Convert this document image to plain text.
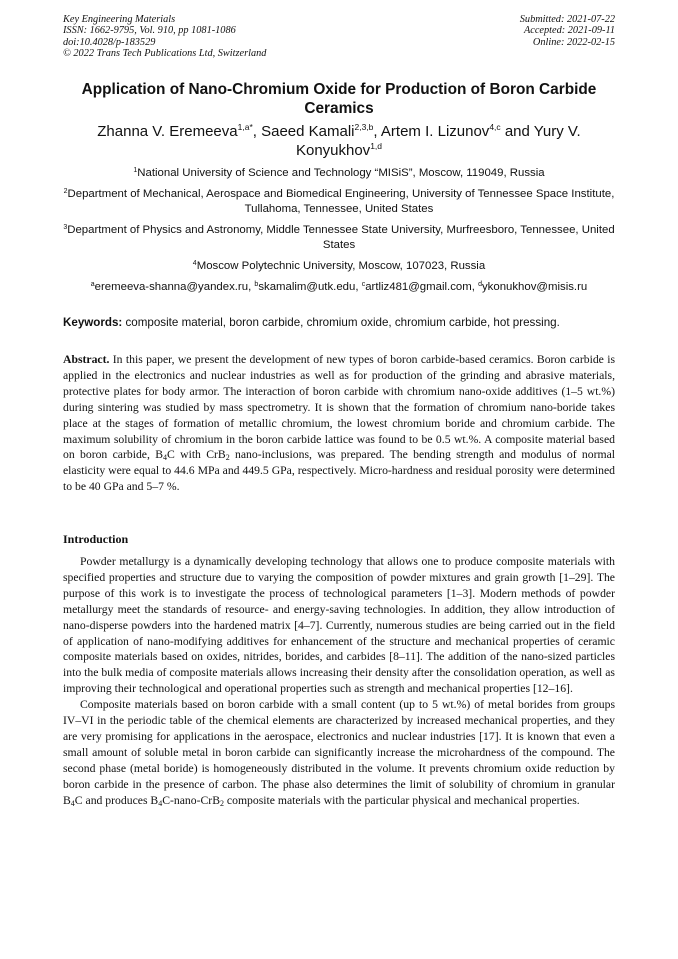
Key Engineering Materials
ISSN: 1662-9795, Vol. 910, pp 1081-1086
doi:10.4028/p-183529
© 2022 Trans Tech Publications Ltd, Switzerland
Submitted: 2021-07-22
Accepted: 2021-09-11
Online: 2022-02-15
Application of Nano-Chromium Oxide for Production of Boron Carbide Ceramics
Zhanna V. Eremeeva$^{1,a*}$, Saeed Kamali$^{2,3,b}$, Artem I. Lizunov$^{4,c}$ and Yury V. Konyukhov$^{1,d}$
$^1$National University of Science and Technology “MISiS”, Moscow, 119049, Russia
$^2$Department of Mechanical, Aerospace and Biomedical Engineering, University of Tennessee Space Institute, Tullahoma, Tennessee, United States
$^3$Department of Physics and Astronomy, Middle Tennessee State University, Murfreesboro, Tennessee, United States
$^4$Moscow Polytechnic University, Moscow, 107023, Russia
$^a$eremeeva-shanna@yandex.ru, $^b$skamalim@utk.edu, $^c$artliz481@gmail.com, $^d$ykonukhov@misis.ru
Keywords: composite material, boron carbide, chromium oxide, chromium carbide, hot pressing.

Abstract. In this paper, we present the development of new types of boron carbide-based ceramics. Boron carbide is applied in the electronics and nuclear industries as well as for production of the grinding and abrasive materials, protective plates for body armor. The interaction of boron carbide with chromium nano-oxide additives (1–5 wt.%) during sintering was studied by mass spectrometry. It is shown that the formation of chromium nano-boride takes place at the stages of formation of metallic chromium, the lowest chromium boride and chromium carbide. The maximum solubility of chromium in the boron carbide lattice was found to be 0.5 wt.%. A composite material based on boron carbide, $B_4C$ with CrB$_2$ nano-inclusions, was prepared. The bending strength and modulus of normal elasticity were equal to 44.6 MPa and 449.5 GPa, respectively. Micro-hardness and residual porosity were determined to be 40 GPa and 5–7 %.

Introduction

Powder metallurgy is a dynamically developing technology that allows one to produce composite materials with specified properties and structure due to varying the composition of powder mixtures and grain growth [1–29]. The purpose of this work is to investigate the process of technological parameters [1–3]. Modern methods of powder metallurgy meet the standards of resource- and energy-saving technologies. In addition, they allow introduction of nano-disperse powders into the hardened matrix [4–7]. Currently, numerous studies are being carried out in the field of application of nano-modifying additives for enhancement of the structure and mechanical properties of ceramic composite materials based on oxides, nitrides, borides, and carbides [8–11]. The addition of the nano-sized particles into the bulk media of composite materials allows increasing their density after the consolidation operation, as well as improving their technological and operational properties such as strength and mechanical properties [12–16].

Composite materials based on boron carbide with a small content (up to 5 wt.%) of metal borides from groups IV–VI in the periodic table of the chemical elements are characterized by increased mechanical properties, and they are very promising for applications in the aerospace, electronics and nuclear industries [17]. It is known that even a small amount of soluble metal in boron carbide can significantly increase the microhardness of the compound. The second phase (metal boride) is homogeneously distributed in the volume. It prevents chromium oxide reduction by boron carbide in the presence of carbon. The phase also determines the limit of solubility of chromium in granular $B_4C$ and produces $B_4C-nano-CrB_2$ composite materials with the particular physical and mechanical properties.
